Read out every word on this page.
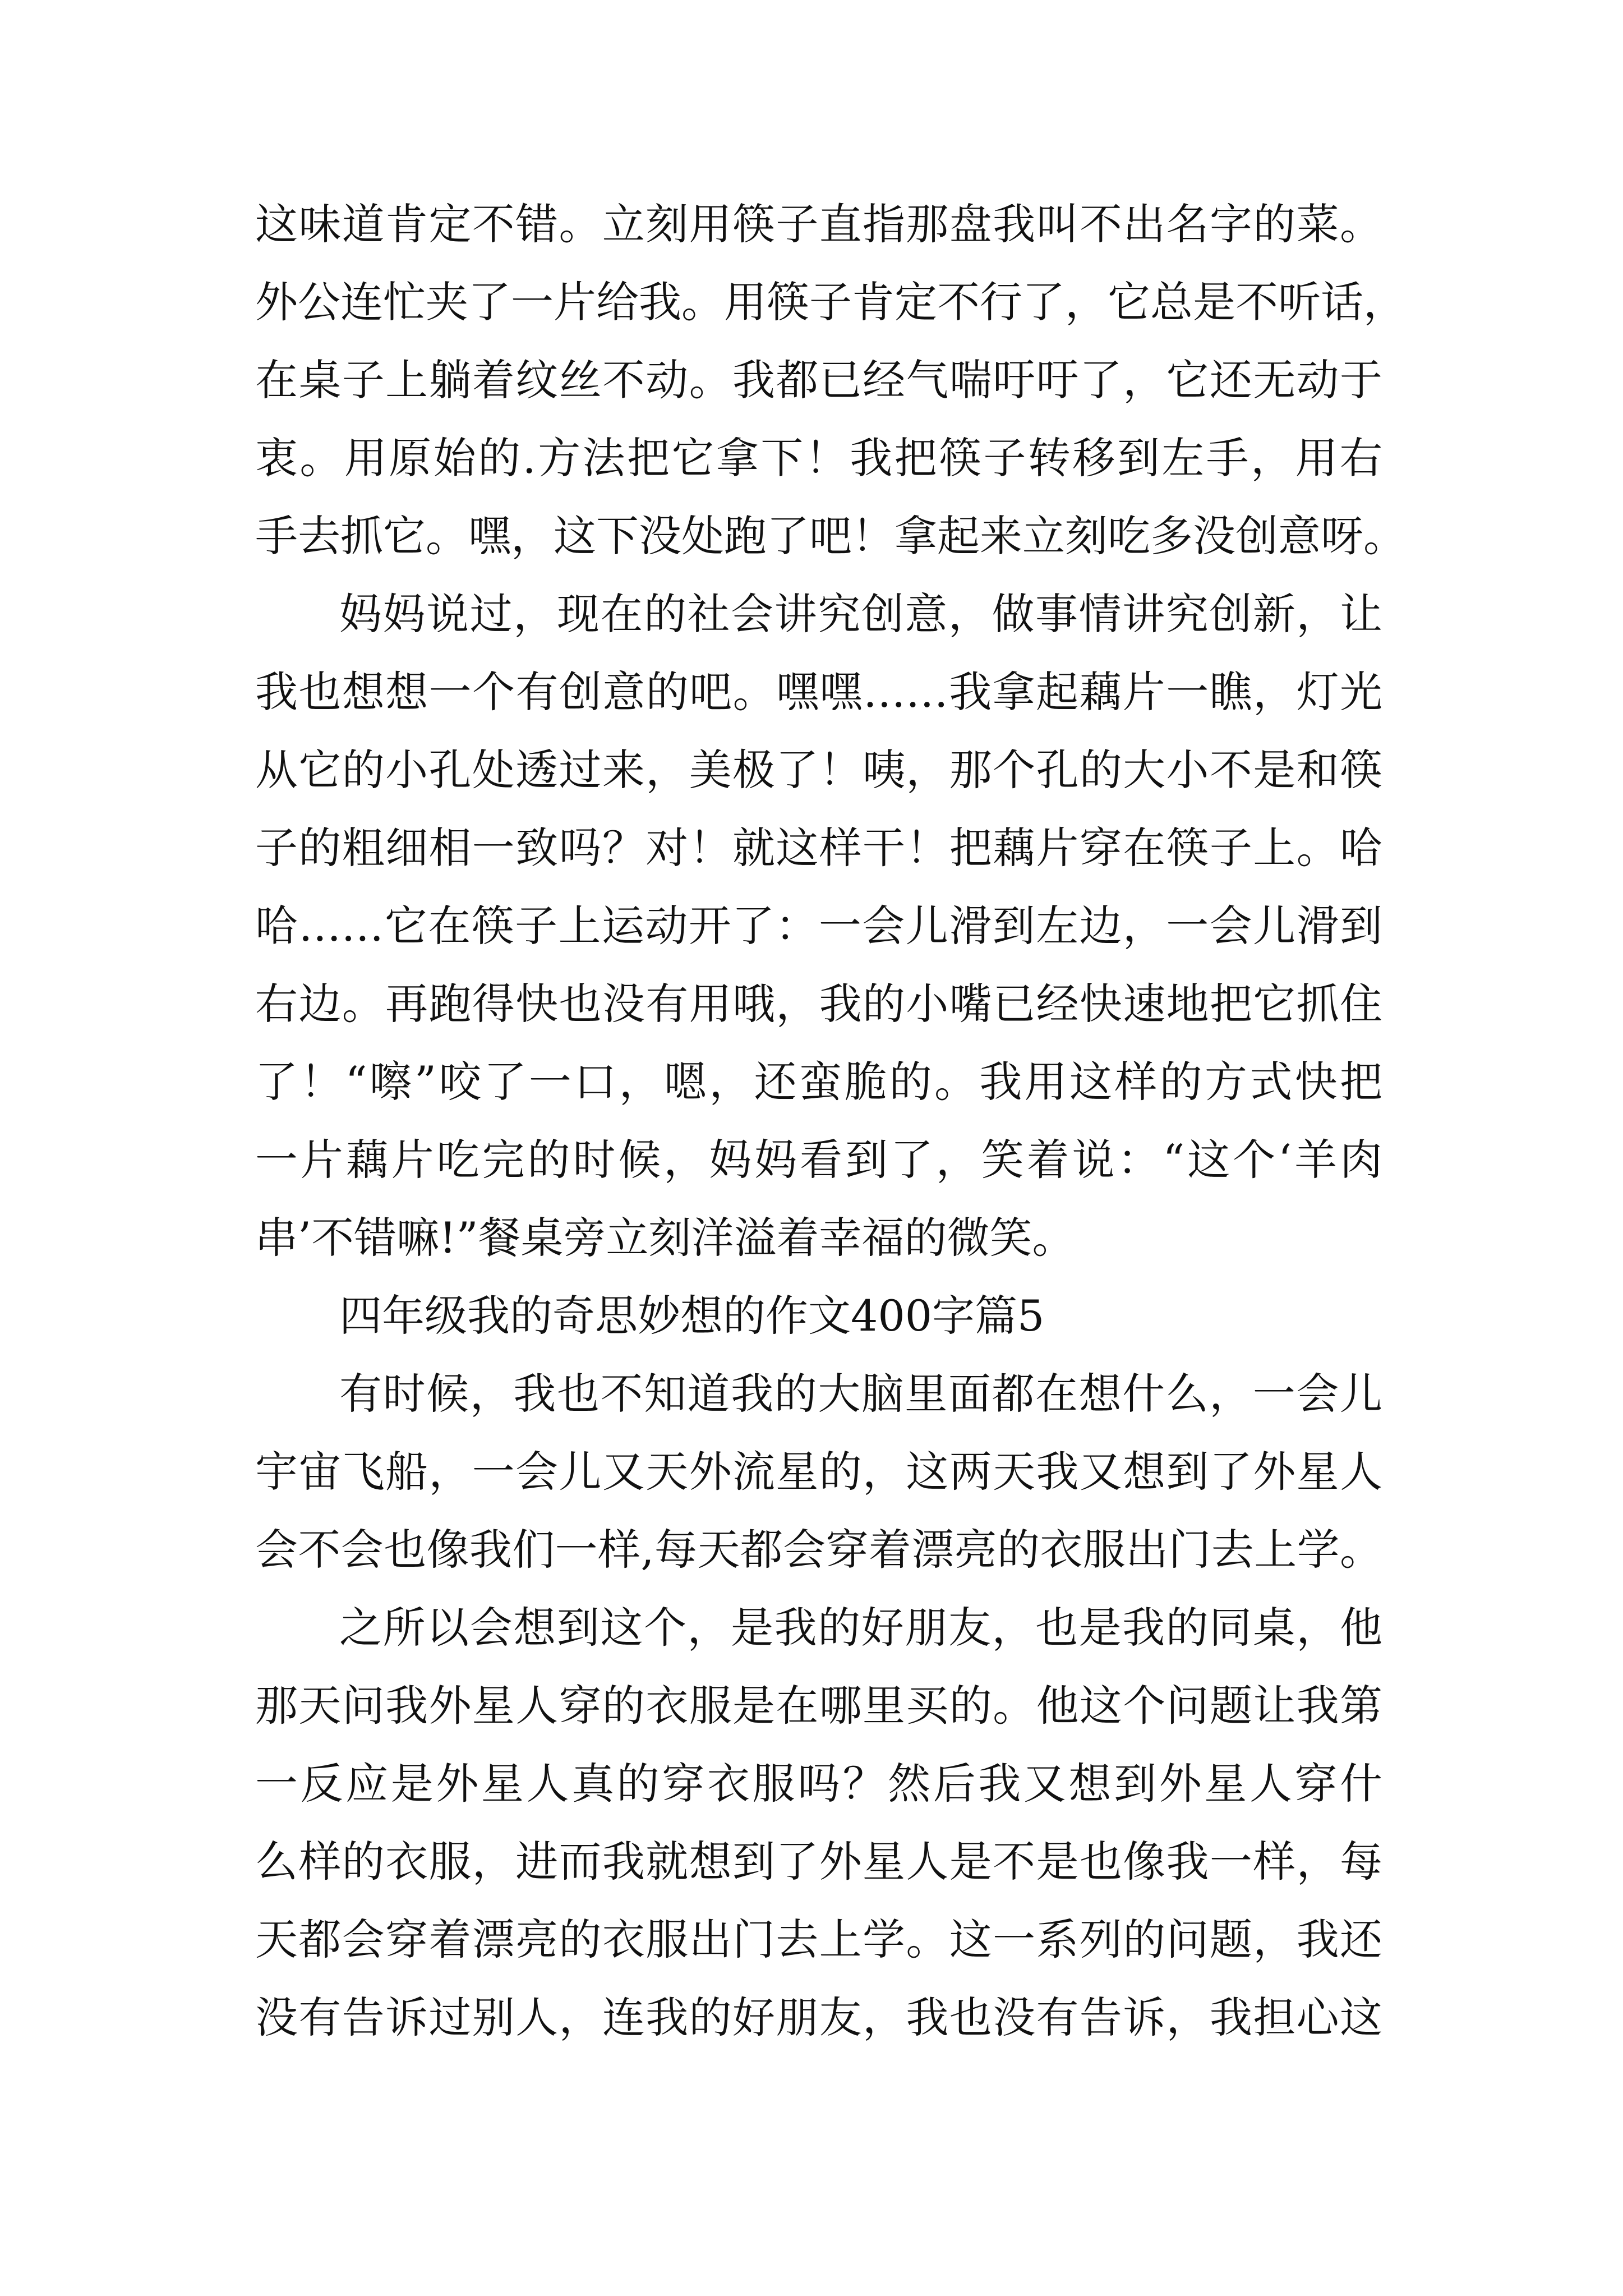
这味道肯定不错。立刻用筷子直指那盘我叫不出名字的菜。
外公连忙夹了一片给我。用筷子肯定不行了，它总是不听话，
在桌子上躺着纹丝不动。我都已经气喘吁吁了，它还无动于
衷。用原始的.方法把它拿下！我把筷子转移到左手，用右
手去抓它。嘿，这下没处跑了吧！拿起来立刻吃多没创意呀。
妈妈说过，现在的社会讲究创意，做事情讲究创新，让
我也想想一个有创意的吧。嘿嘿……我拿起藕片一瞧，灯光
从它的小孔处透过来，美极了！咦，那个孔的大小不是和筷
子的粗细相一致吗？对！就这样干！把藕片穿在筷子上。哈
哈……它在筷子上运动开了：一会儿滑到左边，一会儿滑到
右边。再跑得快也没有用哦，我的小嘴已经快速地把它抓住
了！“嚓”咬了一口，嗯，还蛮脆的。我用这样的方式快把
一片藕片吃完的时候，妈妈看到了，笑着说：“这个‘羊肉
串’不错嘛!”餐桌旁立刻洋溢着幸福的微笑。
四年级我的奇思妙想的作文400字篇5
有时候，我也不知道我的大脑里面都在想什么，一会儿
宇宙飞船，一会儿又天外流星的，这两天我又想到了外星人
会不会也像我们一样,每天都会穿着漂亮的衣服出门去上学。
之所以会想到这个，是我的好朋友，也是我的同桌，他
那天问我外星人穿的衣服是在哪里买的。他这个问题让我第
一反应是外星人真的穿衣服吗？然后我又想到外星人穿什
么样的衣服，进而我就想到了外星人是不是也像我一样，每
天都会穿着漂亮的衣服出门去上学。这一系列的问题，我还
没有告诉过别人，连我的好朋友，我也没有告诉，我担心这
